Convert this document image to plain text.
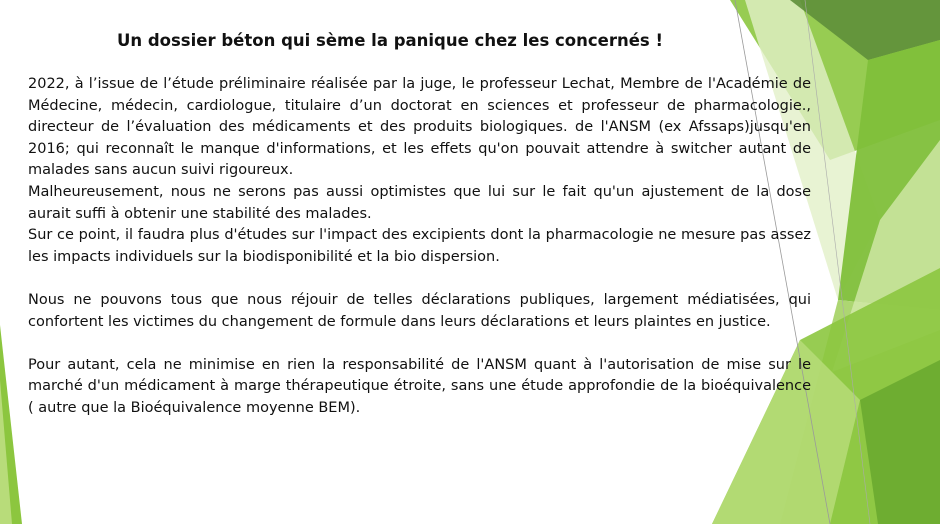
Un dossier béton qui sème la panique chez les concernés !

2022, à l’issue de l’étude préliminaire réalisée par la juge, le professeur Lechat, Membre de l'Académie de Médecine, médecin, cardiologue, titulaire d’un doctorat en sciences et professeur de pharmacologie., directeur de l’évaluation des médicaments et des produits biologiques. de l'ANSM (ex Afssaps)jusqu'en 2016; qui reconnaît le manque d'informations, et les effets qu'on pouvait attendre à switcher autant de malades sans aucun suivi rigoureux.

Malheureusement, nous ne serons pas aussi optimistes que lui sur le fait qu'un ajustement de la dose aurait suffi à obtenir une stabilité des malades.

Sur ce point, il faudra plus d'études sur l'impact des excipients dont la pharmacologie ne mesure pas assez les impacts individuels sur la biodisponibilité et la bio dispersion.

Nous ne pouvons tous que nous réjouir de telles déclarations publiques, largement médiatisées, qui confortent les victimes du changement de formule dans leurs déclarations et leurs plaintes en justice.

Pour autant, cela ne minimise en rien la responsabilité de l'ANSM quant à l'autorisation de mise sur le marché d'un médicament à marge thérapeutique étroite, sans une étude approfondie de la bioéquivalence ( autre que la Bioéquivalence moyenne BEM).
